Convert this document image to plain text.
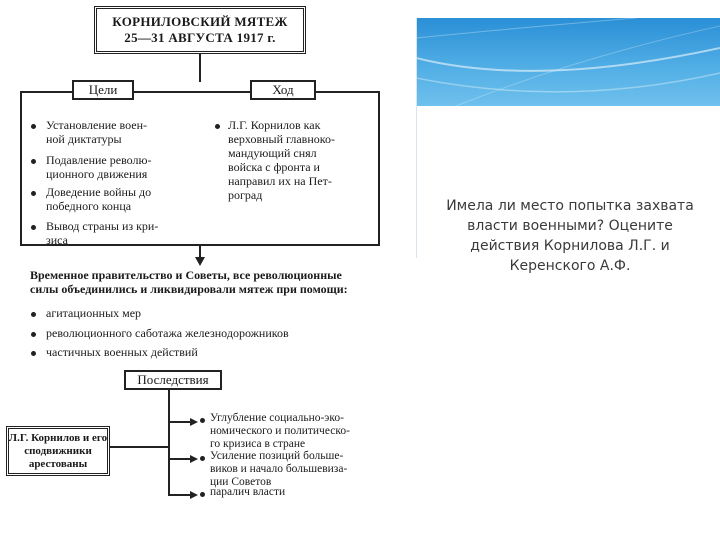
КОРНИЛОВСКИЙ МЯТЕЖ
25—31 АВГУСТА 1917 г.
Цели	Ход
Установление воен-
ной диктатуры
Подавление револю-
ционного движения
Доведение войны до
победного конца
Вывод страны из кри-
зиса
Л.Г. Корнилов как
верховный главноко-
мандующий снял
войска с фронта и
направил их на Пет-
роград
Временное правительство и Советы, все революционные
силы объединились и ликвидировали мятеж при помощи:
агитационных мер
революционного саботажа железнодорожников
частичных военных действий
Последствия
Л.Г. Корнилов и его
сподвижники
арестованы
Углубление социально-эко-
номического и политическо-
го кризиса в стране
Усиление позиций больше-
виков и начало большевиза-
ции Советов
паралич власти
Имела ли место попытка захвата власти военными? Оцените действия Корнилова Л.Г. и Керенского А.Ф.
